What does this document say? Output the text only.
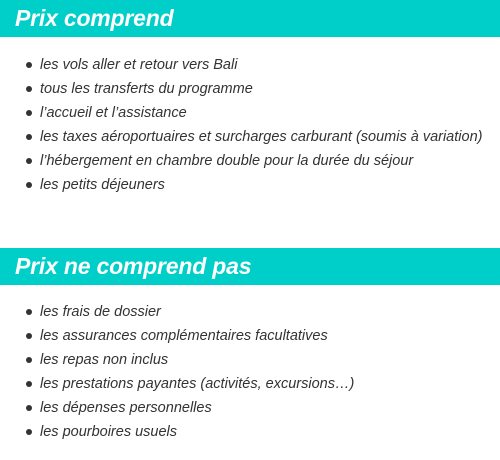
Prix comprend
les vols aller et retour vers Bali
tous les transferts du programme
l’accueil et l’assistance
les taxes aéroportuaires et surcharges carburant (soumis à variation)
l’hébergement en chambre double pour la durée du séjour
les petits déjeuners
Prix ne comprend pas
les frais de dossier
les assurances complémentaires facultatives
les repas non inclus
les prestations payantes (activités, excursions…)
les dépenses personnelles
les pourboires usuels
